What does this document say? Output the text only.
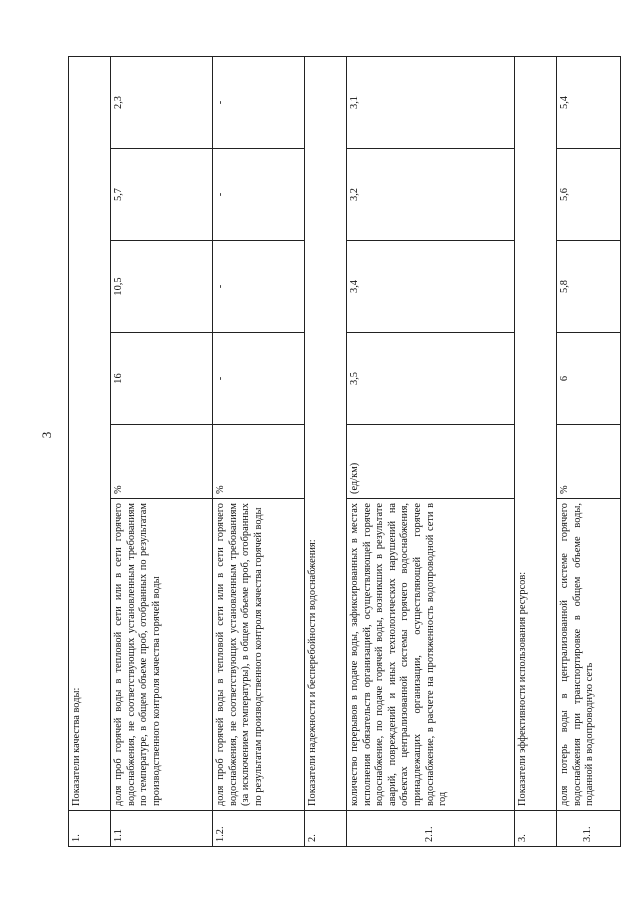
3
1.	Показатели качества воды:					
1.1	доля проб горячей воды в тепловой сети или в сети горячего водоснабжения, не соответствующих установленным требованиям по температуре, в общем объеме проб, отобранных по результатам производственного контроля качества горячей воды	%	16	10,5	5,7	2,3
1.2.	доля проб горячей воды в тепловой сети или в сети горячего водоснабжения, не соответствующих установленным требованиям (за исключением температуры), в общем объеме проб, отобранных по результатам производственного контроля качества горячей воды	%	-	-	-	-
2.	Показатели надежности и бесперебойности водоснабжения:					
2.1.	количество перерывов в подаче воды, зафиксированных в местах исполнения обязательств организацией, осуществляющей горячее водоснабжение, по подаче горячей воды, возникших в результате аварий, повреждений и иных технологических нарушений на объектах централизованной системы горячего водоснабжения, принадлежащих организации, осуществляющей горячее водоснабжение, в расчете на протяженность водопроводной сети в год	(ед/км)	3,5	3,4	3,2	3,1
3.	Показатели эффективности использования ресурсов:					
3.1.	доля потерь воды в централизованной системе горячего водоснабжения при транспортировке в общем объеме воды, поданной в водопроводную сеть	%	6	5,8	5,6	5,4
